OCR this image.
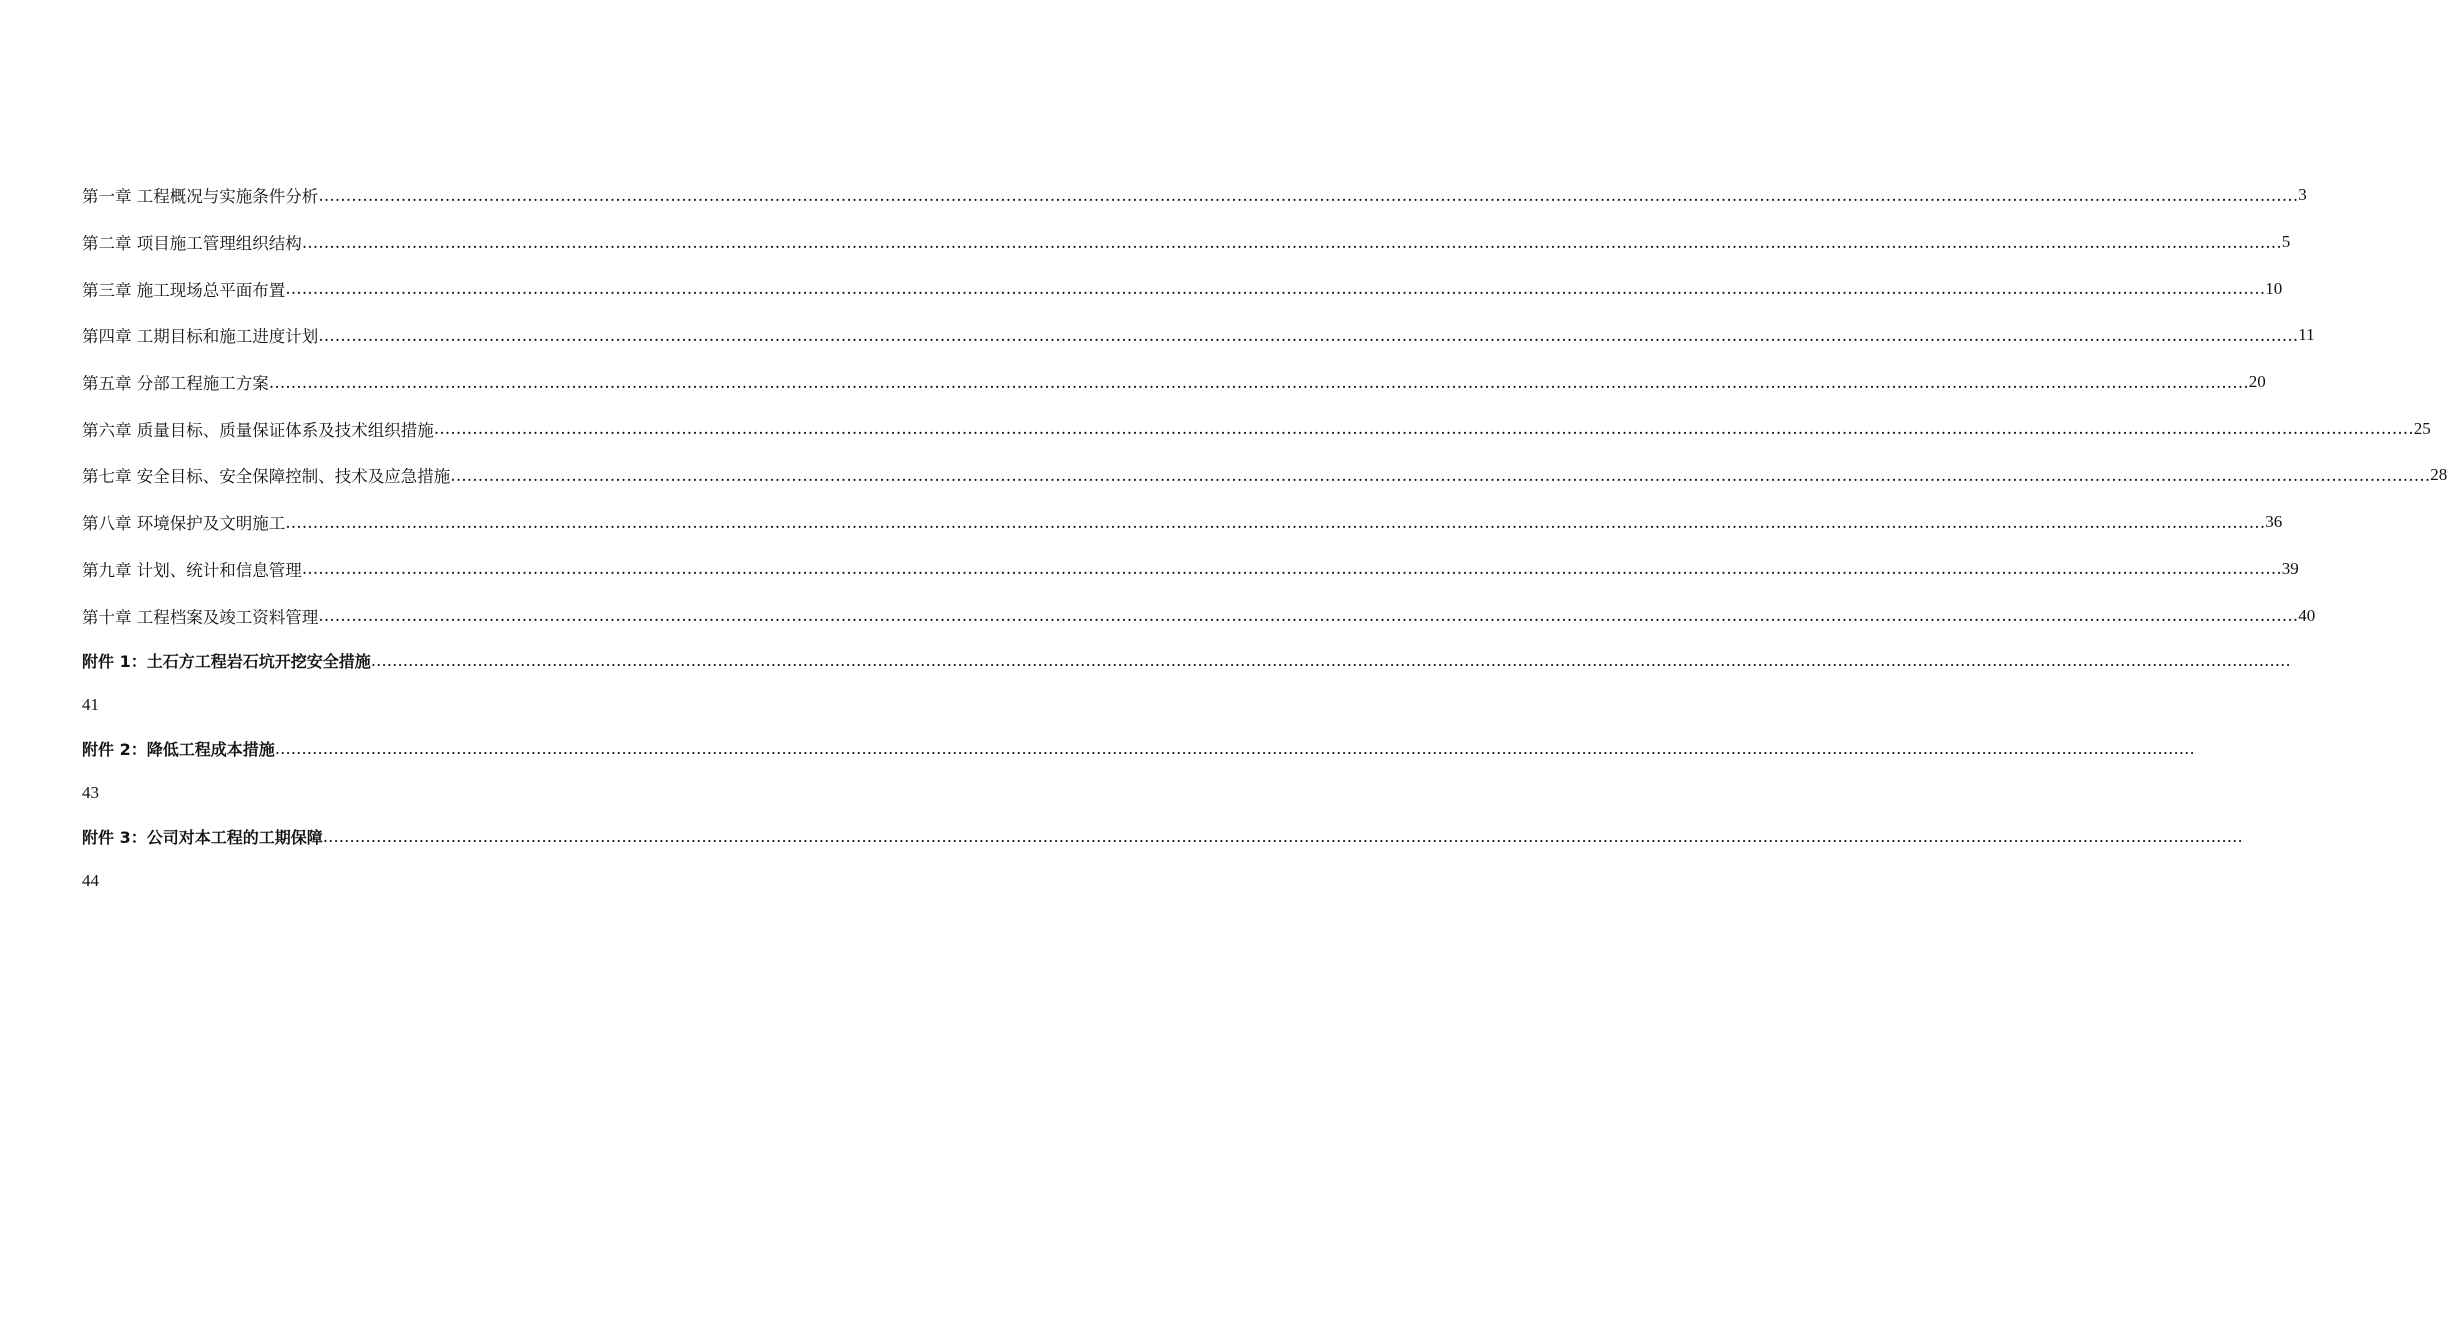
第一章 工程概况与实施条件分析 ……………………………………………………………………………………………………………………………………………………………………………………………………………………………………………………………………………………………………………………………… 3
第二章 项目施工管理组织结构 ……………………………………………………………………………………………………………………………………………………………………………………………………………………………………………………………………………………………………………………………… 5
第三章 施工现场总平面布置 ……………………………………………………………………………………………………………………………………………………………………………………………………………………………………………………………………………………………………………………………… 10
第四章 工期目标和施工进度计划 ……………………………………………………………………………………………………………………………………………………………………………………………………………………………………………………………………………………………………………………………… 11
第五章 分部工程施工方案 ……………………………………………………………………………………………………………………………………………………………………………………………………………………………………………………………………………………………………………………………… 20
第六章 质量目标、质量保证体系及技术组织措施 ……………………………………………………………………………………………………………………………………………………………………………………………………………………………………………………………………………………………………………………………… 25
第七章 安全目标、安全保障控制、技术及应急措施 ……………………………………………………………………………………………………………………………………………………………………………………………………………………………………………………………………………………………………………………………… 28
第八章 环境保护及文明施工 ……………………………………………………………………………………………………………………………………………………………………………………………………………………………………………………………………………………………………………………………… 36
第九章 计划、统计和信息管理 ……………………………………………………………………………………………………………………………………………………………………………………………………………………………………………………………………………………………………………………………… 39
第十章 工程档案及竣工资料管理 ……………………………………………………………………………………………………………………………………………………………………………………………………………………………………………………………………………………………………………………………… 40
附件 1：土石方工程岩石坑开挖安全措施 ………………………………………………………………………………………………………………………………………………………………………………………………………………………………………………………………………………………………………………………………
41
附件 2：降低工程成本措施 ………………………………………………………………………………………………………………………………………………………………………………………………………………………………………………………………………………………………………………………………
43
附件 3：公司对本工程的工期保障 ………………………………………………………………………………………………………………………………………………………………………………………………………………………………………………………………………………………………………………………………
44
